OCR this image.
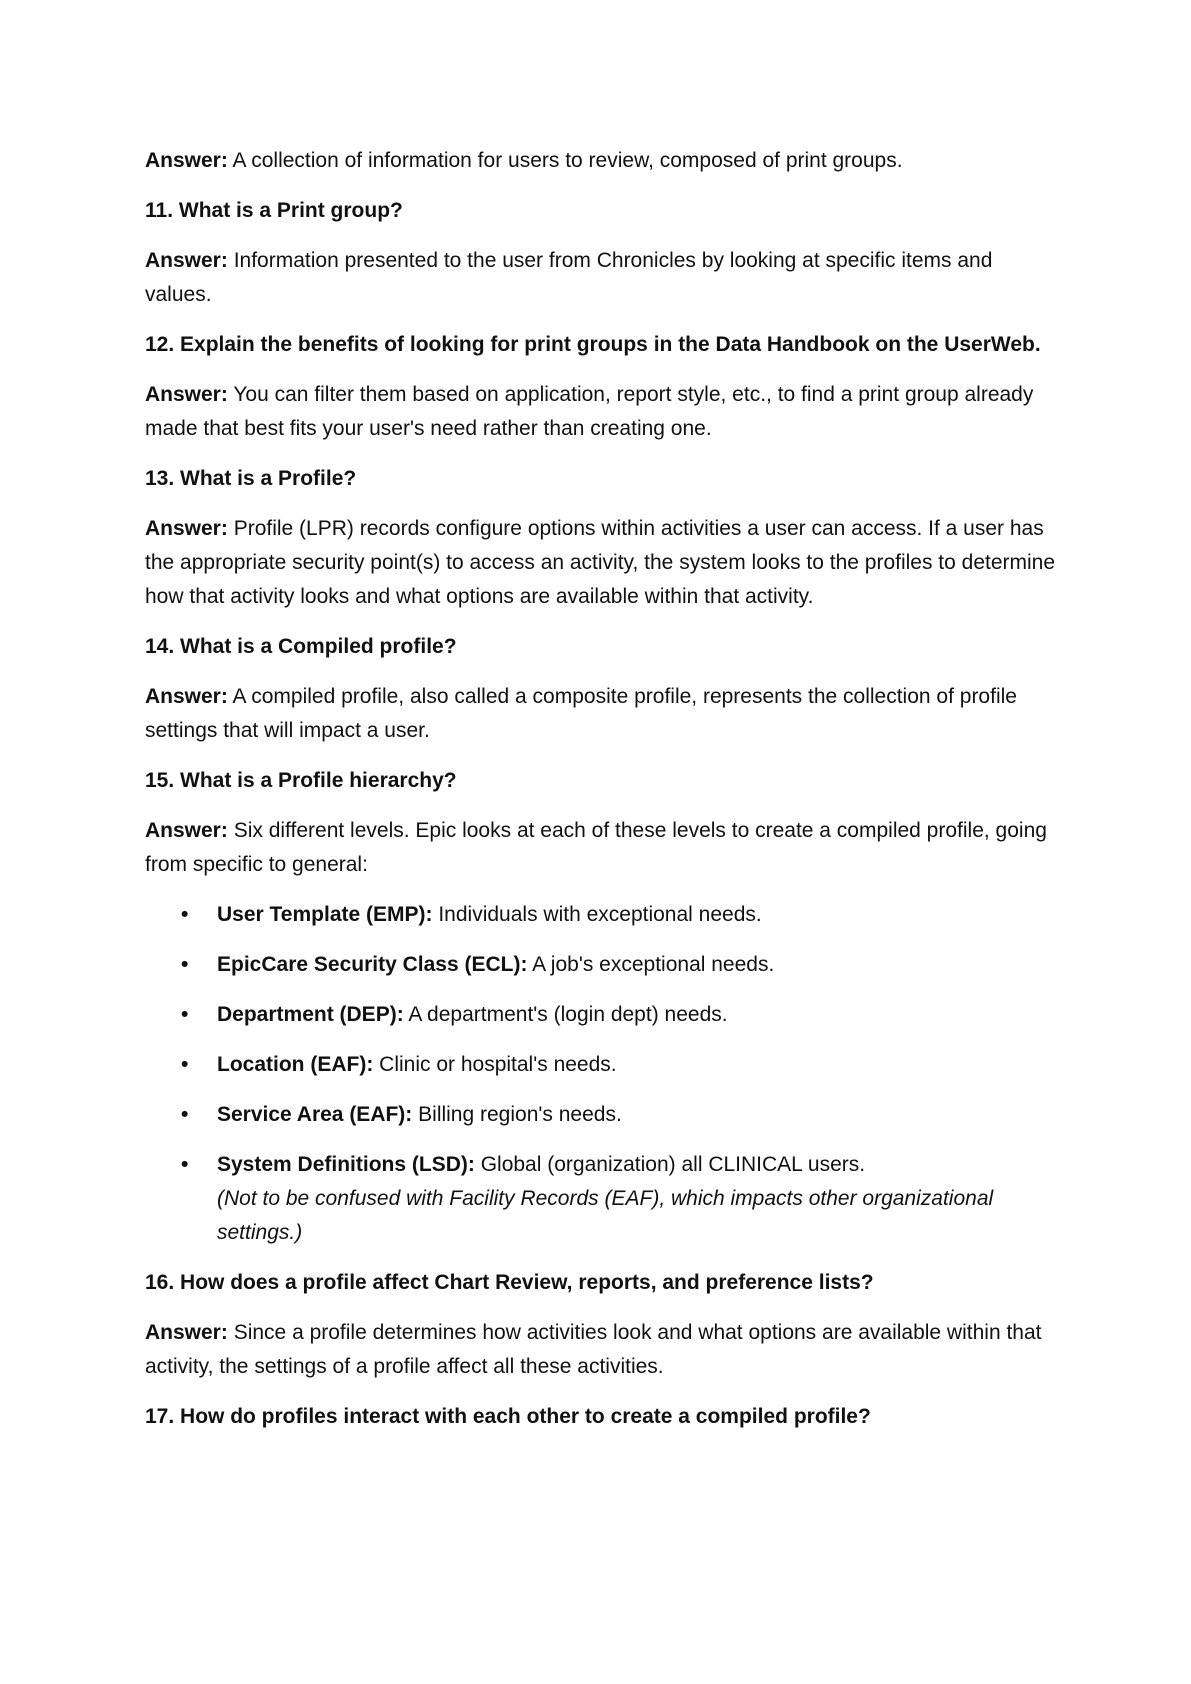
Answer: A collection of information for users to review, composed of print groups.

11. What is a Print group?

Answer: Information presented to the user from Chronicles by looking at specific items and values.

12. Explain the benefits of looking for print groups in the Data Handbook on the UserWeb.

Answer: You can filter them based on application, report style, etc., to find a print group already made that best fits your user's need rather than creating one.

13. What is a Profile?

Answer: Profile (LPR) records configure options within activities a user can access. If a user has the appropriate security point(s) to access an activity, the system looks to the profiles to determine how that activity looks and what options are available within that activity.

14. What is a Compiled profile?

Answer: A compiled profile, also called a composite profile, represents the collection of profile settings that will impact a user.

15. What is a Profile hierarchy?

Answer: Six different levels. Epic looks at each of these levels to create a compiled profile, going from specific to general:

• User Template (EMP): Individuals with exceptional needs.
• EpicCare Security Class (ECL): A job's exceptional needs.
• Department (DEP): A department's (login dept) needs.
• Location (EAF): Clinic or hospital's needs.
• Service Area (EAF): Billing region's needs.
• System Definitions (LSD): Global (organization) all CLINICAL users.
(Not to be confused with Facility Records (EAF), which impacts other organizational settings.)

16. How does a profile affect Chart Review, reports, and preference lists?

Answer: Since a profile determines how activities look and what options are available within that activity, the settings of a profile affect all these activities.

17. How do profiles interact with each other to create a compiled profile?
